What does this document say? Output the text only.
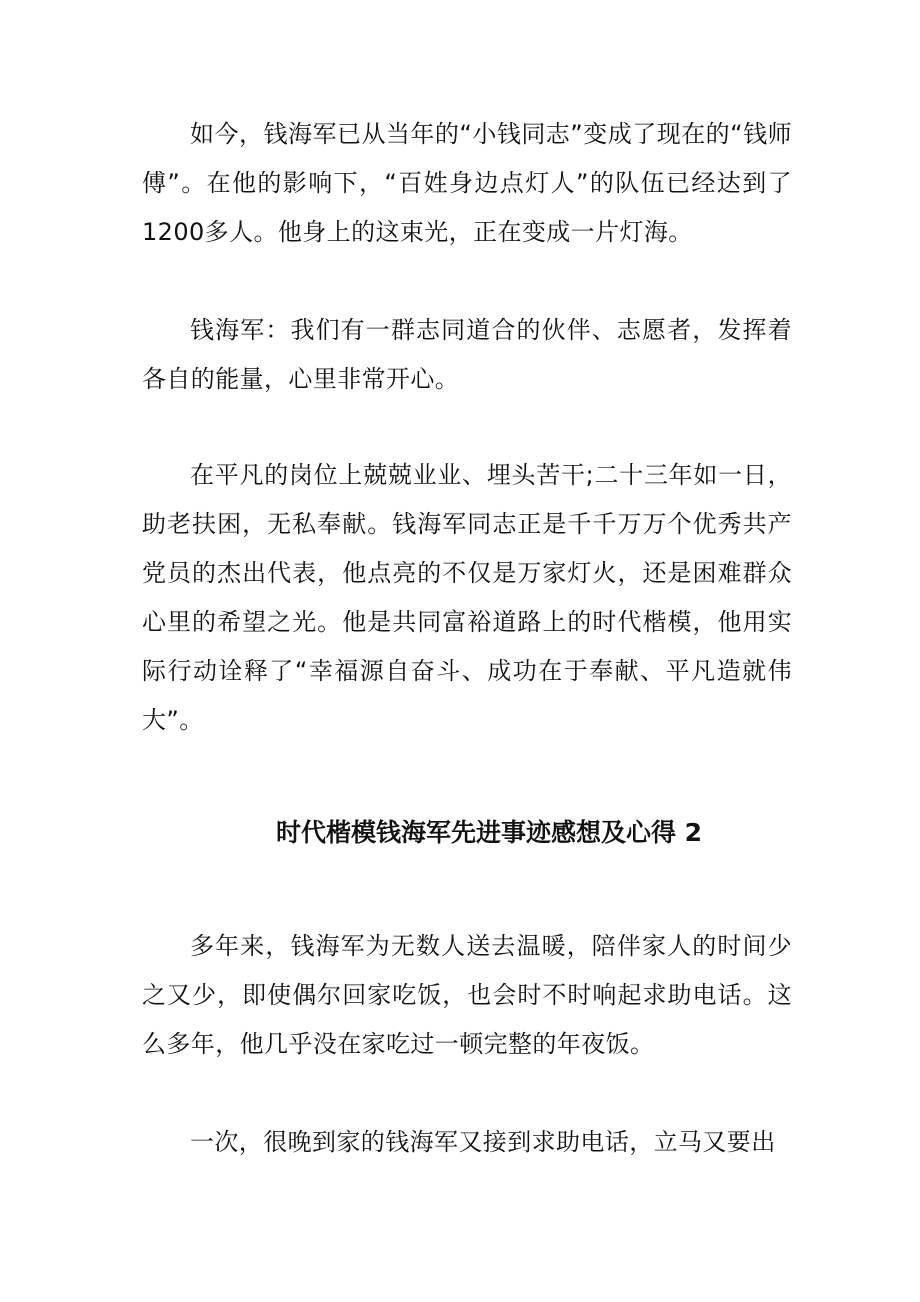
如今，钱海军已从当年的“小钱同志”变成了现在的“钱师傅”。在他的影响下，“百姓身边点灯人”的队伍已经达到了1200多人。他身上的这束光，正在变成一片灯海。

钱海军：我们有一群志同道合的伙伴、志愿者，发挥着各自的能量，心里非常开心。

在平凡的岗位上兢兢业业、埋头苦干;二十三年如一日，助老扶困，无私奉献。钱海军同志正是千千万万个优秀共产党员的杰出代表，他点亮的不仅是万家灯火，还是困难群众心里的希望之光。他是共同富裕道路上的时代楷模，他用实际行动诠释了“幸福源自奋斗、成功在于奉献、平凡造就伟大”。

时代楷模钱海军先进事迹感想及心得 2

多年来，钱海军为无数人送去温暖，陪伴家人的时间少之又少，即使偶尔回家吃饭，也会时不时响起求助电话。这么多年，他几乎没在家吃过一顿完整的年夜饭。

一次，很晚到家的钱海军又接到求助电话，立马又要出
